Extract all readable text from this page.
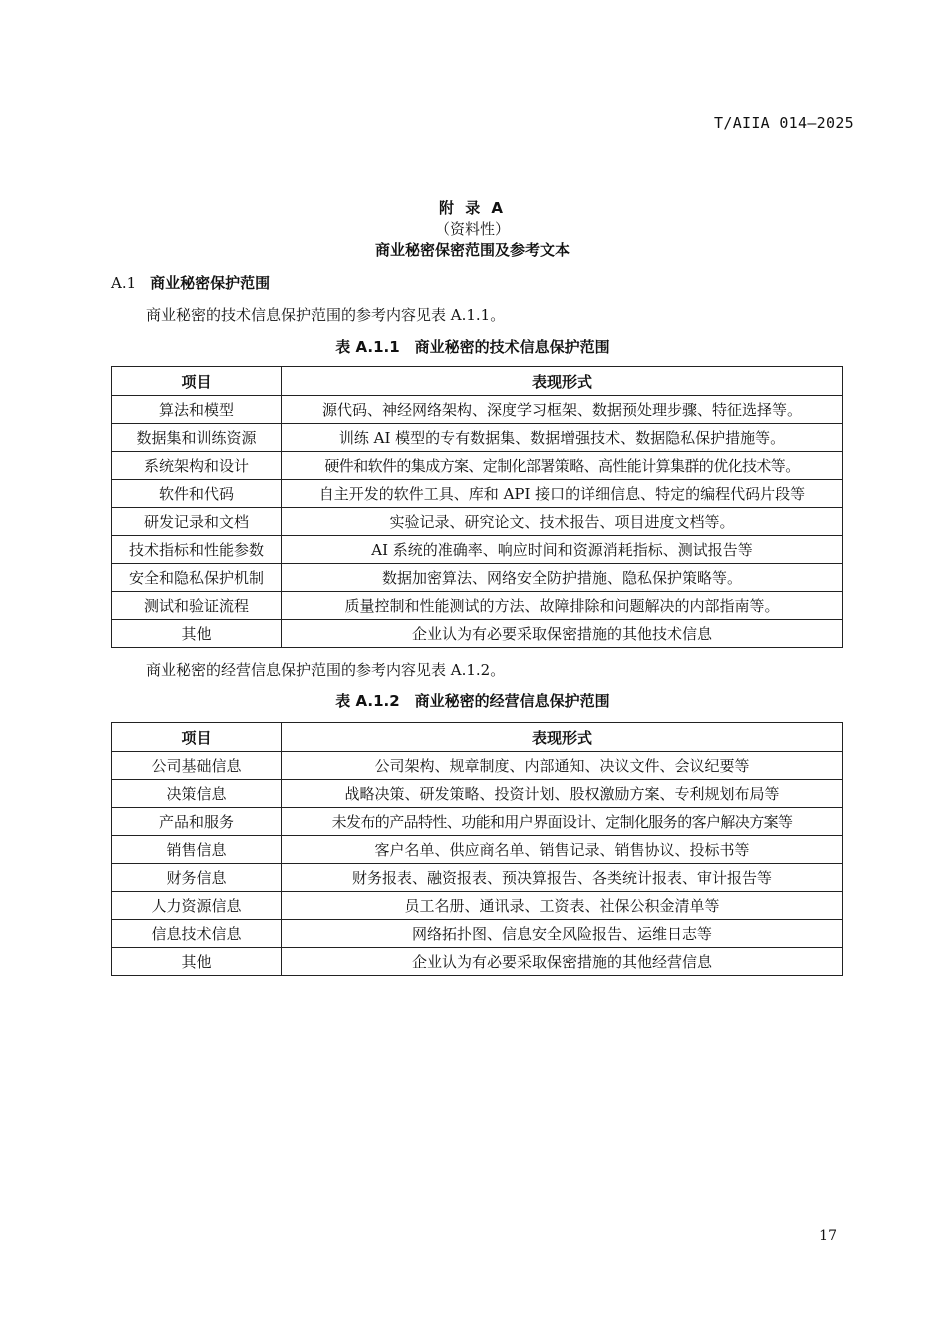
T/AIIA 014—2025
附 录 A
（资料性）
商业秘密保密范围及参考文本
A.1 商业秘密保护范围
商业秘密的技术信息保护范围的参考内容见表 A.1.1。
表 A.1.1　商业秘密的技术信息保护范围
项目	表现形式
算法和模型	源代码、神经网络架构、深度学习框架、数据预处理步骤、特征选择等。
数据集和训练资源	训练 AI 模型的专有数据集、数据增强技术、数据隐私保护措施等。
系统架构和设计	硬件和软件的集成方案、定制化部署策略、高性能计算集群的优化技术等。
软件和代码	自主开发的软件工具、库和 API 接口的详细信息、特定的编程代码片段等
研发记录和文档	实验记录、研究论文、技术报告、项目进度文档等。
技术指标和性能参数	AI 系统的准确率、响应时间和资源消耗指标、测试报告等
安全和隐私保护机制	数据加密算法、网络安全防护措施、隐私保护策略等。
测试和验证流程	质量控制和性能测试的方法、故障排除和问题解决的内部指南等。
其他	企业认为有必要采取保密措施的其他技术信息
商业秘密的经营信息保护范围的参考内容见表 A.1.2。
表 A.1.2　商业秘密的经营信息保护范围
项目	表现形式
公司基础信息	公司架构、规章制度、内部通知、决议文件、会议纪要等
决策信息	战略决策、研发策略、投资计划、股权激励方案、专利规划布局等
产品和服务	未发布的产品特性、功能和用户界面设计、定制化服务的客户解决方案等
销售信息	客户名单、供应商名单、销售记录、销售协议、投标书等
财务信息	财务报表、融资报表、预决算报告、各类统计报表、审计报告等
人力资源信息	员工名册、通讯录、工资表、社保公积金清单等
信息技术信息	网络拓扑图、信息安全风险报告、运维日志等
其他	企业认为有必要采取保密措施的其他经营信息
17
